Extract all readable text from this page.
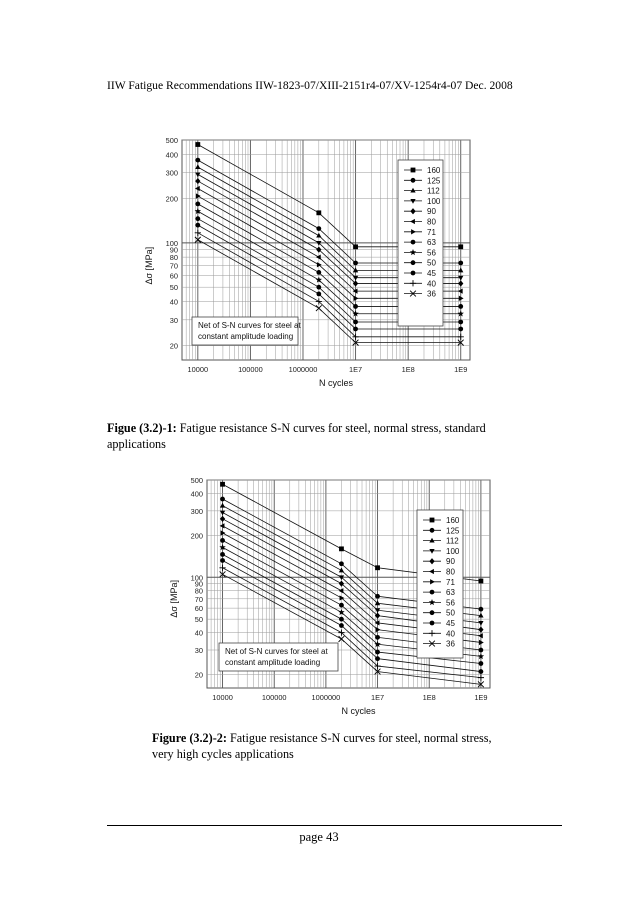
IIW Fatigue Recommendations IIW-1823-07/XIII-2151r4-07/XV-1254r4-07 Dec. 2008
500
400
300
200
100
90
80
70
60
50
40
30
20
10000	100000	1000000	1E7	1E8	1E9
N cycles
Δσ [MPa]
160
125
112
100
90
80
71
63
56
50
45
40
36
Net of S-N curves for steel at
constant amplitude loading
500
400
300
200
100
90
80
70
60
50
40
30
20
10000	100000	1000000	1E7	1E8	1E9
N cycles
Δσ [MPa]
160
125
112
100
90
80
71
63
56
50
45
40
36
Net of S-N curves for steel at
constant amplitude loading
Figue (3.2)-1: Fatigue resistance S-N curves for steel, normal stress, standard applications
Figure (3.2)-2: Fatigue resistance S-N curves for steel, normal stress, very high cycles applications
page 43
